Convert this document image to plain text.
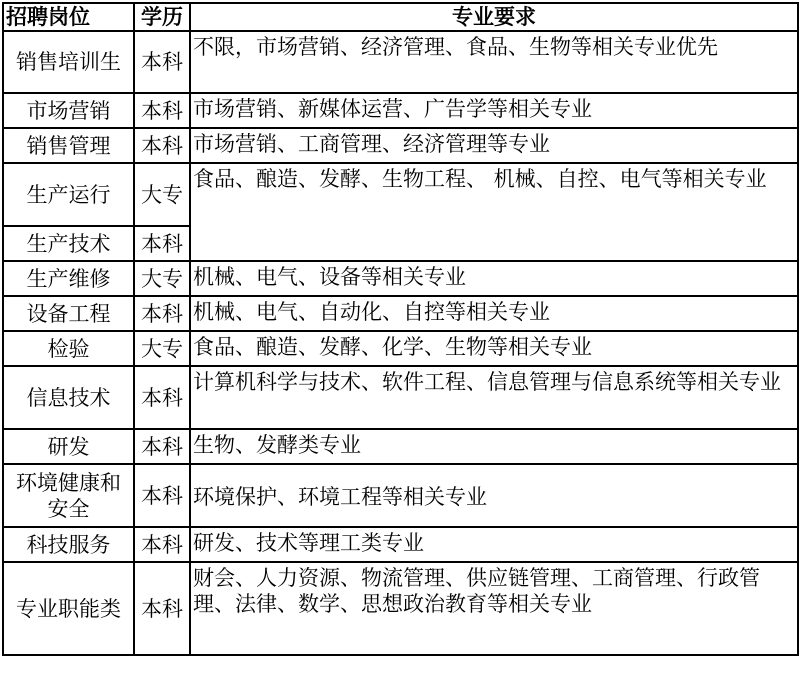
招聘岗位	学历	专业要求
销售培训生	本科	不限，市场营销、经济管理、食品、生物等相关专业优先
市场营销	本科	市场营销、新媒体运营、广告学等相关专业
销售管理	本科	市场营销、工商管理、经济管理等专业
生产运行	大专	食品、酿造、发酵、生物工程、 机械、自控、电气等相关专业
生产技术	本科	
生产维修	大专	机械、电气、设备等相关专业
设备工程	本科	机械、电气、自动化、自控等相关专业
检验	大专	食品、酿造、发酵、化学、生物等相关专业
信息技术	本科	计算机科学与技术、软件工程、信息管理与信息系统等相关专业
研发	本科	生物、发酵类专业
环境健康和安全	本科	环境保护、环境工程等相关专业
科技服务	本科	研发、技术等理工类专业
专业职能类	本科	财会、人力资源、物流管理、供应链管理、工商管理、行政管理、法律、数学、思想政治教育等相关专业
